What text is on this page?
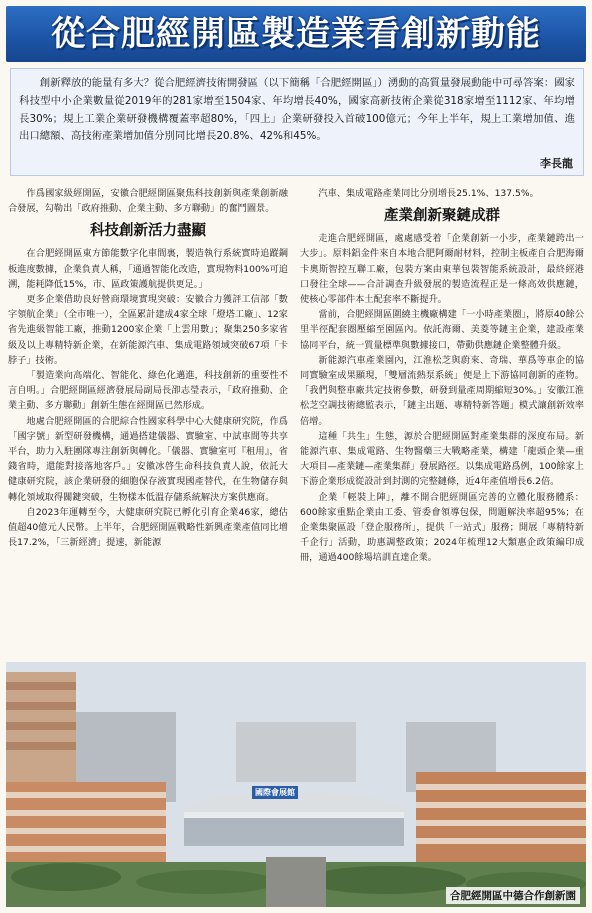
從合肥經開區製造業看創新動能
創新釋放的能量有多大？從合肥經濟技術開發區（以下簡稱「合肥經開區」）湧動的高質量發展動能中可尋答案：國家科技型中小企業數量從2019年的281家增至1504家、年均增長40%，國家高新技術企業從318家增至1112家、年均增長30%；規上工業企業研發機構覆蓋率超80%，「四上」企業研發投入首破100億元；今年上半年，規上工業增加值、進出口總額、高技術產業增加值分別同比增長20.8%、42%和45%。
李長龍

作爲國家級經開區，安徽合肥經開區聚焦科技創新與產業創新融合發展，勾勒出「政府推動、企業主動、多方聯動」的奮鬥圖景。

科技創新活力盡顯

在合肥經開區東方節能數字化車間裏，製造執行系統實時追蹤鋼板進度數據，企業負責人稱，「通過智能化改造，實現物料100%可追溯，能耗降低15%，市、區政策護航提供更足。」

更多企業借助良好營商環境實現突破：安徽合力獲評工信部「數字領航企業」（全市唯一），全區累計建成4家全球「燈塔工廠」、12家省先進級智能工廠，推動1200家企業「上雲用數」；聚集250多家省級及以上專精特新企業，在新能源汽車、集成電路領域突破67項「卡脖子」技術。

「製造業向高端化、智能化、綠色化邁進，科技創新的重要性不言自明。」合肥經開區經濟發展局副局長卲志瑩表示，「政府推動、企業主動、多方聯動」創新生態在經開區已然形成。

地處合肥經開區的合肥綜合性國家科學中心大健康研究院，作爲「國字號」新型研發機構，通過搭建儀器、實驗室、中試車間等共享平台，助力入駐團隊專注創新與轉化。「儀器、實驗室可『租用』，省錢省時，還能對接落地客戶。」安徽冰啓生命科技負責人說，依託大健康研究院，該企業研發的細胞保存液實現國產替代，在生物儲存與轉化領域取得關鍵突破，生物樣本低溫存儲系統解決方案供應商。

自2023年運轉至今，大健康研究院已孵化引育企業46家，總估值超40億元人民幣。上半年，合肥經開區戰略性新興產業產值同比增長17.2%，「三新經濟」提速，新能源

汽車、集成電路產業同比分別增長25.1%、137.5%。

產業創新聚鏈成群

走進合肥經開區，處處感受着「企業創新一小步，產業鏈跨出一大步」。原料鋁金件來自本地合肥阿爾耐材料，控制主板產自合肥海爾卡奧斯智控互聯工廠，包裝方案由東華包裝智能系統設計，最終經港口發往全球——合計調查升級發展的製造流程正是一條高效供應鏈，使核心零部件本土配套率不斷提升。

當前，合肥經開區圍繞主機廠構建「一小時產業圈」，將原40餘公里半徑配套圈壓縮至園區內。依託海爾、美菱等鏈主企業，建設產業協同平台，統一質量標準與數據接口，帶動供應鏈企業整體升級。

新能源汽車產業園內，江淮松芝與蔚來、奇瑞、華爲等車企的協同實驗室成果顯現，「雙層流熱泵系統」便是上下游協同創新的產物。「我們與整車廠共定技術參數，研發到量產周期縮短30%。」安徽江淮松芝空調技術總監表示，「鏈主出題、專精特新答題」模式讓創新效率倍增。

這種「共生」生態，源於合肥經開區對產業集群的深度布局。新能源汽車、集成電路、生物醫藥三大戰略產業，構建「龍頭企業—重大項目—產業鏈—產業集群」發展路徑。以集成電路爲例，100餘家上下游企業形成從設計到封測的完整鏈條，近4年產值增長6.2倍。

企業「輕裝上陣」，離不開合肥經開區完善的立體化服務體系：600餘家重點企業由工委、管委會領導包保，問題解決率超95%；在企業集聚區設「登企服務所」，提供「一站式」服務；開展「專精特新千企行」活動，助惠調整政策；2024年梳理12大類惠企政策編印成冊，通過400餘場培訓直達企業。

國際會展館
合肥經開區中德合作創新園
